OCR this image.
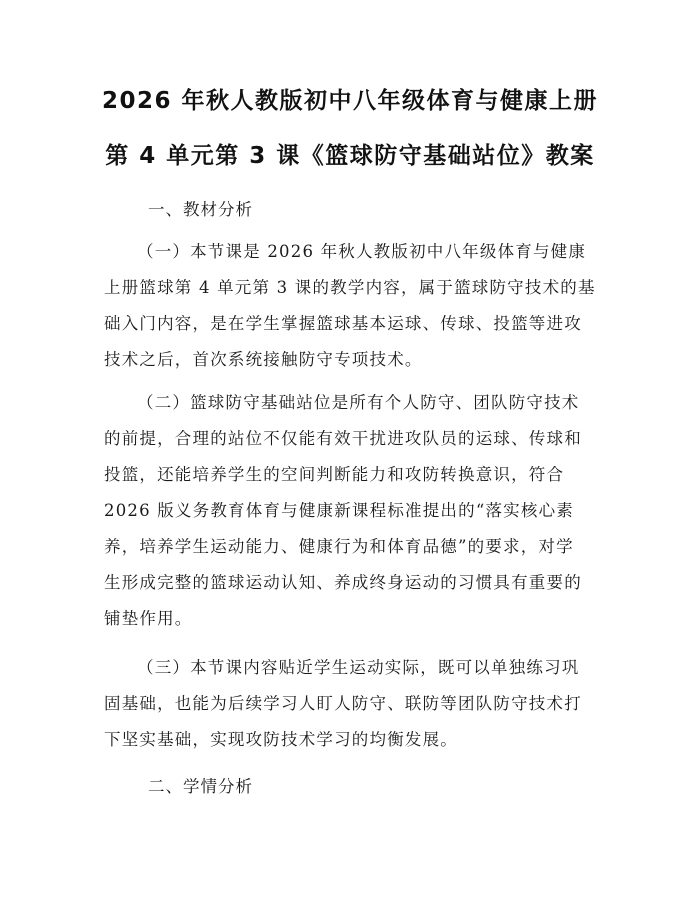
2026 年秋人教版初中八年级体育与健康上册
第 4 单元第 3 课《篮球防守基础站位》教案
一、教材分析
（一）本节课是 2026 年秋人教版初中八年级体育与健康
上册篮球第 4 单元第 3 课的教学内容，属于篮球防守技术的基
础入门内容，是在学生掌握篮球基本运球、传球、投篮等进攻
技术之后，首次系统接触防守专项技术。
（二）篮球防守基础站位是所有个人防守、团队防守技术
的前提，合理的站位不仅能有效干扰进攻队员的运球、传球和
投篮，还能培养学生的空间判断能力和攻防转换意识，符合
2026 版义务教育体育与健康新课程标准提出的“落实核心素
养，培养学生运动能力、健康行为和体育品德”的要求，对学
生形成完整的篮球运动认知、养成终身运动的习惯具有重要的
铺垫作用。
（三）本节课内容贴近学生运动实际，既可以单独练习巩
固基础，也能为后续学习人盯人防守、联防等团队防守技术打
下坚实基础，实现攻防技术学习的均衡发展。
二、学情分析
